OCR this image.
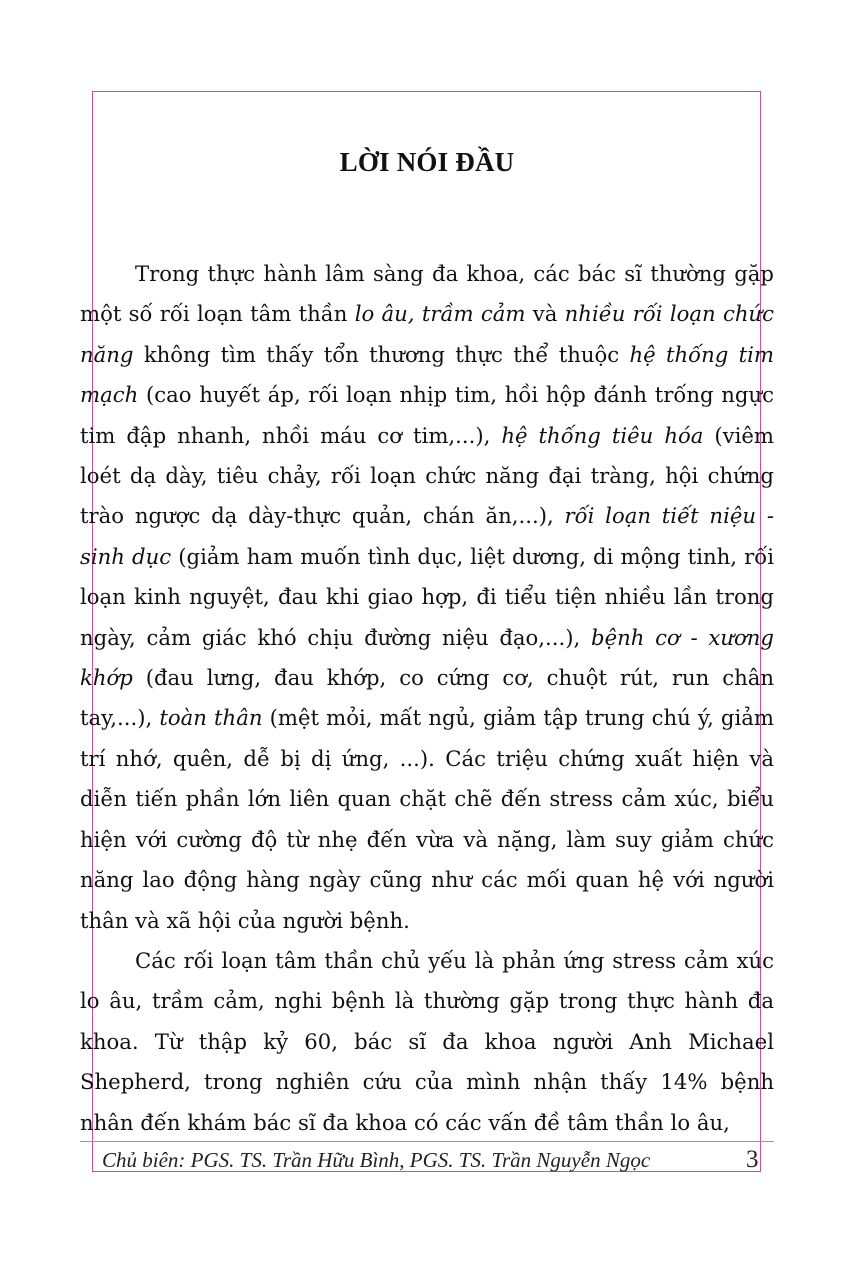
LỜI NÓI ĐẦU

Trong thực hành lâm sàng đa khoa, các bác sĩ thường gặp một số rối loạn tâm thần lo âu, trầm cảm và nhiều rối loạn chức năng không tìm thấy tổn thương thực thể thuộc hệ thống tim mạch (cao huyết áp, rối loạn nhịp tim, hồi hộp đánh trống ngực tim đập nhanh, nhồi máu cơ tim,...), hệ thống tiêu hóa (viêm loét dạ dày, tiêu chảy, rối loạn chức năng đại tràng, hội chứng trào ngược dạ dày-thực quản, chán ăn,...), rối loạn tiết niệu - sinh dục (giảm ham muốn tình dục, liệt dương, di mộng tinh, rối loạn kinh nguyệt, đau khi giao hợp, đi tiểu tiện nhiều lần trong ngày, cảm giác khó chịu đường niệu đạo,...), bệnh cơ - xương khớp (đau lưng, đau khớp, co cứng cơ, chuột rút, run chân tay,...), toàn thân (mệt mỏi, mất ngủ, giảm tập trung chú ý, giảm trí nhớ, quên, dễ bị dị ứng, ...). Các triệu chứng xuất hiện và diễn tiến phần lớn liên quan chặt chẽ đến stress cảm xúc, biểu hiện với cường độ từ nhẹ đến vừa và nặng, làm suy giảm chức năng lao động hàng ngày cũng như các mối quan hệ với người thân và xã hội của người bệnh.

Các rối loạn tâm thần chủ yếu là phản ứng stress cảm xúc lo âu, trầm cảm, nghi bệnh là thường gặp trong thực hành đa khoa. Từ thập kỷ 60, bác sĩ đa khoa người Anh Michael Shepherd, trong nghiên cứu của mình nhận thấy 14% bệnh nhân đến khám bác sĩ đa khoa có các vấn đề tâm thần lo âu,

Chủ biên: PGS. TS. Trần Hữu Bình, PGS. TS. Trần Nguyễn Ngọc	3
